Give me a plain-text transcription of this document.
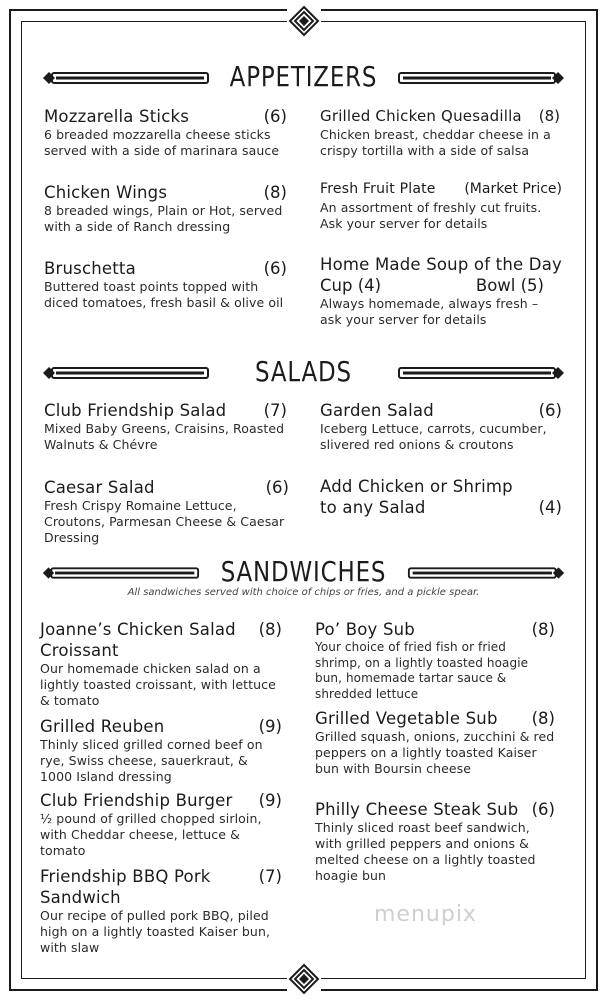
APPETIZERS
Mozzarella Sticks	(6)
6 breaded mozzarella cheese sticks served with a side of marinara sauce
Chicken Wings	(8)
8 breaded wings, Plain or Hot, served with a side of Ranch dressing
Bruschetta	(6)
Buttered toast points topped with diced tomatoes, fresh basil & olive oil
Grilled Chicken Quesadilla (8)
Chicken breast, cheddar cheese in a crispy tortilla with a side of salsa
Fresh Fruit Plate (Market Price)
An assortment of freshly cut fruits. Ask your server for details
Home Made Soup of the Day
Cup (4)	Bowl (5)
Always homemade, always fresh – ask your server for details
SALADS
Club Friendship Salad (7)
Mixed Baby Greens, Craisins, Roasted Walnuts & Chévre
Caesar Salad	(6)
Fresh Crispy Romaine Lettuce, Croutons, Parmesan Cheese & Caesar Dressing
Garden Salad	(6)
Iceberg Lettuce, carrots, cucumber, slivered red onions & croutons
Add Chicken or Shrimp
to any Salad	(4)
SANDWICHES
All sandwiches served with choice of chips or fries, and a pickle spear.
Joanne’s Chicken Salad (8)
Croissant
Our homemade chicken salad on a lightly toasted croissant, with lettuce & tomato
Grilled Reuben	(9)
Thinly sliced grilled corned beef on rye, Swiss cheese, sauerkraut, & 1000 Island dressing
Club Friendship Burger (9)
½ pound of grilled chopped sirloin, with Cheddar cheese, lettuce & tomato
Friendship BBQ Pork	(7)
Sandwich
Our recipe of pulled pork BBQ, piled high on a lightly toasted Kaiser bun, with slaw
Po’ Boy Sub	(8)
Your choice of fried fish or fried shrimp, on a lightly toasted hoagie bun, homemade tartar sauce & shredded lettuce
Grilled Vegetable Sub (8)
Grilled squash, onions, zucchini & red peppers on a lightly toasted Kaiser bun with Boursin cheese
Philly Cheese Steak Sub (6)
Thinly sliced roast beef sandwich, with grilled peppers and onions & melted cheese on a lightly toasted hoagie bun
menupix
